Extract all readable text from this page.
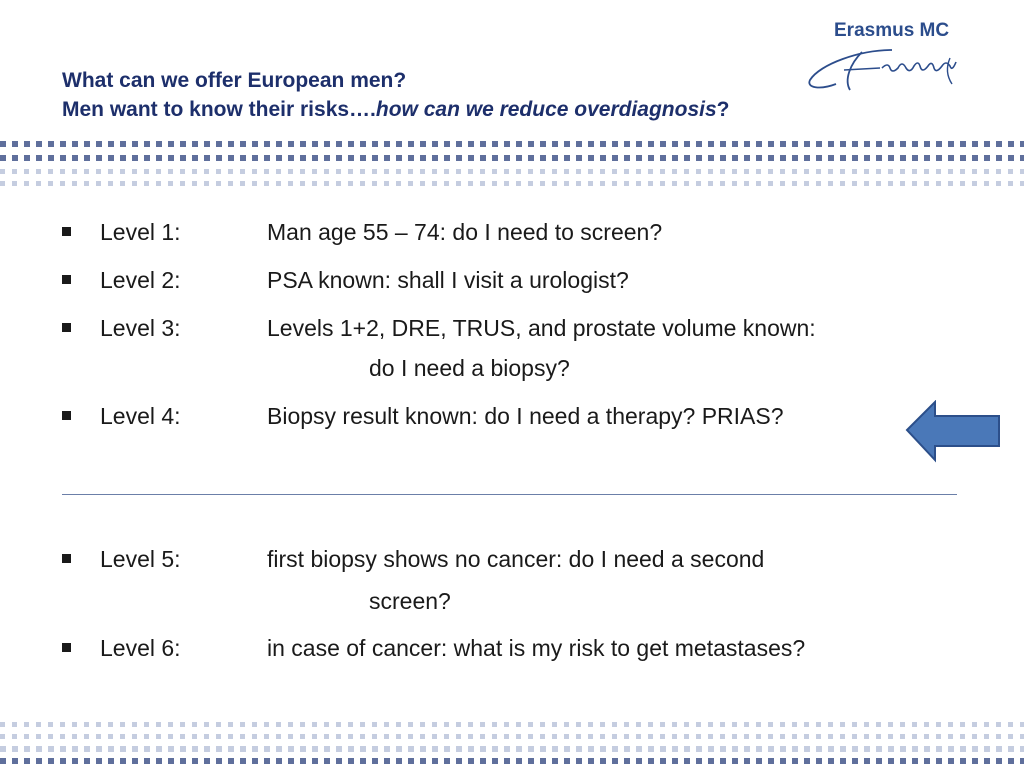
What can we offer European men?
Men want to know their risks….how can we reduce overdiagnosis?
Erasmus MC
Level 1:	Man age 55 – 74: do I need to screen?
Level 2:	PSA known: shall I visit a urologist?
Level 3:	Levels 1+2, DRE, TRUS, and prostate volume known:
do I need a biopsy?
Level 4:	Biopsy result known: do I need a therapy? PRIAS?
Level 5:	first biopsy shows no cancer: do I need a second
screen?
Level 6:	in case of cancer: what is my risk to get metastases?
